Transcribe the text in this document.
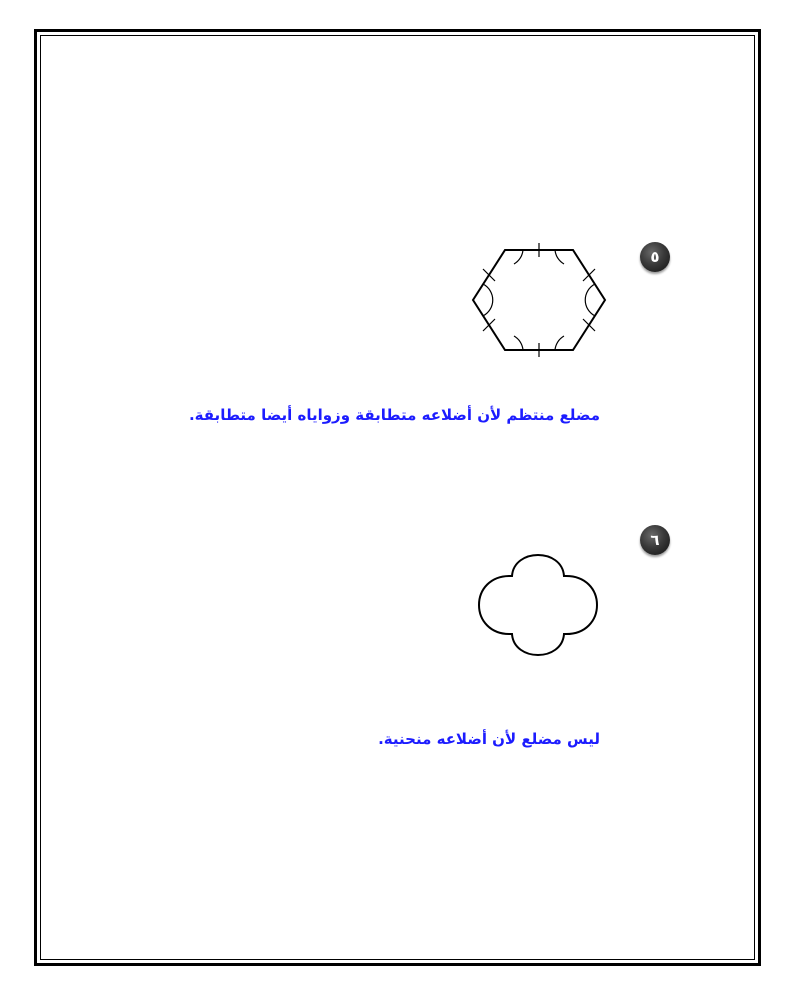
٥
مضلع منتظم لأن أضلاعه متطابقة وزواياه أيضا متطابقة.
٦
ليس مضلع لأن أضلاعه منحنية.
